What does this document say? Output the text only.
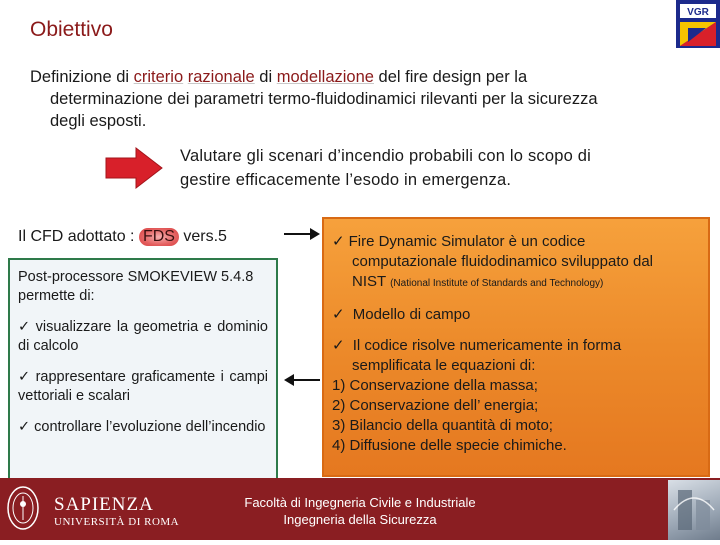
Obiettivo
VGR
Definizione di criterio razionale di modellazione del fire design per la
determinazione dei parametri termo-fluidodinamici rilevanti per la sicurezza
degli esposti.
Valutare gli scenari d’incendio probabili con lo scopo di
gestire efficacemente l’esodo in emergenza.
Il CFD adottato : FDS vers.5
Post-processore SMOKEVIEW 5.4.8 permette di:
✓ visualizzare la geometria e dominio di calcolo
✓ rappresentare graficamente i campi vettoriali e scalari
✓ controllare l’evoluzione dell’incendio

✓ Fire Dynamic Simulator è un codice
computazionale fluidodinamico sviluppato dal
NIST (National Institute of Standards and Technology)

✓ Modello di campo

✓ Il codice risolve numericamente in forma
semplificata le equazioni di:
1) Conservazione della massa;
2) Conservazione dell’ energia;
3) Bilancio della quantità di moto;
4) Diffusione delle specie chimiche.
SAPIENZA
UNIVERSITÀ DI ROMA
Facoltà di Ingegneria Civile e Industriale
Ingegneria della Sicurezza
